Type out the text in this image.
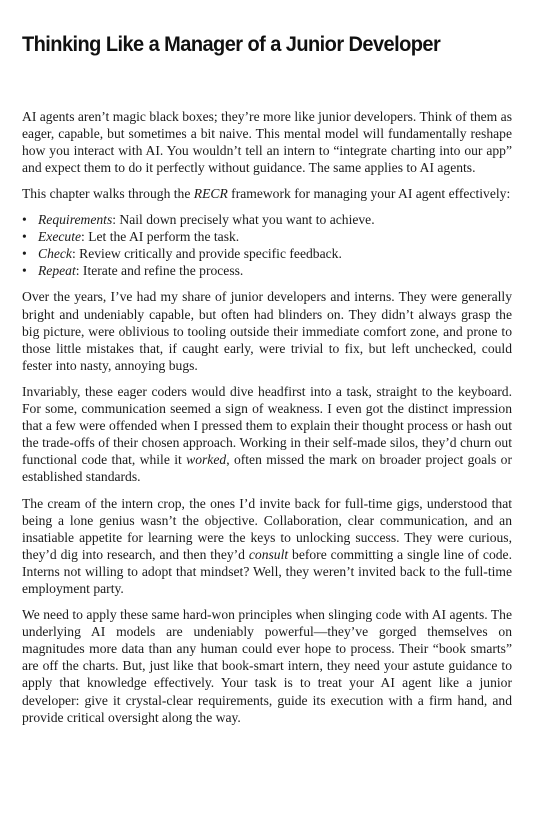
Thinking Like a Manager of a Junior Developer

AI agents aren’t magic black boxes; they’re more like junior developers. Think of them as eager, capable, but sometimes a bit naive. This mental model will fundamentally reshape how you interact with AI. You wouldn’t tell an intern to “integrate charting into our app” and expect them to do it perfectly without guidance. The same applies to AI agents.

This chapter walks through the RECR framework for managing your AI agent effectively:

• Requirements: Nail down precisely what you want to achieve.
• Execute: Let the AI perform the task.
• Check: Review critically and provide specific feedback.
• Repeat: Iterate and refine the process.

Over the years, I’ve had my share of junior developers and interns. They were generally bright and undeniably capable, but often had blinders on. They didn’t always grasp the big picture, were oblivious to tooling outside their immediate comfort zone, and prone to those little mistakes that, if caught early, were trivial to fix, but left unchecked, could fester into nasty, annoying bugs.

Invariably, these eager coders would dive headfirst into a task, straight to the keyboard. For some, communication seemed a sign of weakness. I even got the distinct impression that a few were offended when I pressed them to explain their thought process or hash out the trade-offs of their chosen approach. Working in their self-made silos, they’d churn out functional code that, while it worked, often missed the mark on broader project goals or established standards.

The cream of the intern crop, the ones I’d invite back for full-time gigs, understood that being a lone genius wasn’t the objective. Collaboration, clear communication, and an insatiable appetite for learning were the keys to unlocking success. They were curious, they’d dig into research, and then they’d consult before committing a single line of code. Interns not willing to adopt that mindset? Well, they weren’t invited back to the full-time employment party.

We need to apply these same hard-won principles when slinging code with AI agents. The underlying AI models are undeniably powerful—they’ve gorged themselves on magnitudes more data than any human could ever hope to process. Their “book smarts” are off the charts. But, just like that book-smart intern, they need your astute guidance to apply that knowledge effectively. Your task is to treat your AI agent like a junior developer: give it crystal-clear requirements, guide its execution with a firm hand, and provide critical oversight along the way.
